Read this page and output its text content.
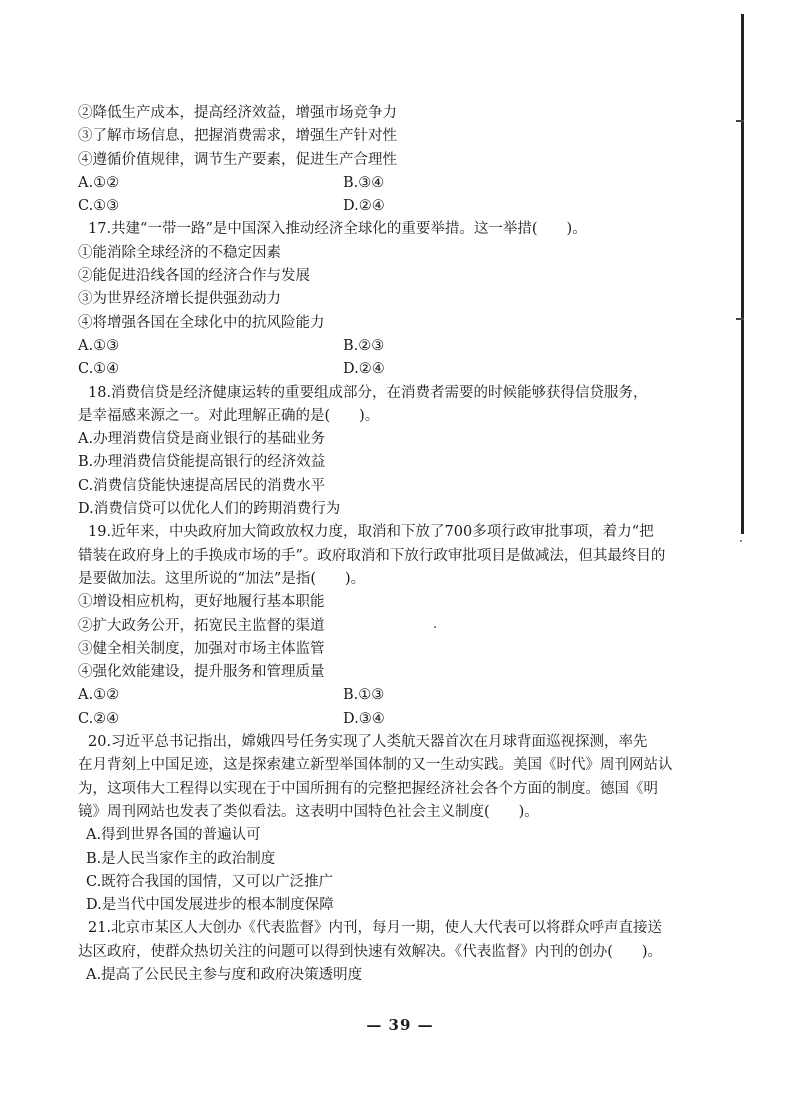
②降低生产成本，提高经济效益，增强市场竞争力
③了解市场信息，把握消费需求，增强生产针对性
④遵循价值规律，调节生产要素，促进生产合理性
A.①②	B.③④
C.①③	D.②④
17.共建“一带一路”是中国深入推动经济全球化的重要举措。这一举措(　　)。
①能消除全球经济的不稳定因素
②能促进沿线各国的经济合作与发展
③为世界经济增长提供强劲动力
④将增强各国在全球化中的抗风险能力
A.①③	B.②③
C.①④	D.②④
18.消费信贷是经济健康运转的重要组成部分，在消费者需要的时候能够获得信贷服务，
是幸福感来源之一。对此理解正确的是(　　)。
A.办理消费信贷是商业银行的基础业务
B.办理消费信贷能提高银行的经济效益
C.消费信贷能快速提高居民的消费水平
D.消费信贷可以优化人们的跨期消费行为
19.近年来，中央政府加大简政放权力度，取消和下放了700多项行政审批事项，着力“把
错装在政府身上的手换成市场的手”。政府取消和下放行政审批项目是做减法，但其最终目的
是要做加法。这里所说的“加法”是指(　　)。
①增设相应机构，更好地履行基本职能
②扩大政务公开，拓宽民主监督的渠道
③健全相关制度，加强对市场主体监管
④强化效能建设，提升服务和管理质量
A.①②	B.①③
C.②④	D.③④
20.习近平总书记指出，嫦娥四号任务实现了人类航天器首次在月球背面巡视探测，率先
在月背刻上中国足迹，这是探索建立新型举国体制的又一生动实践。美国《时代》周刊网站认
为，这项伟大工程得以实现在于中国所拥有的完整把握经济社会各个方面的制度。德国《明
镜》周刊网站也发表了类似看法。这表明中国特色社会主义制度(　　)。
A.得到世界各国的普遍认可
B.是人民当家作主的政治制度
C.既符合我国的国情，又可以广泛推广
D.是当代中国发展进步的根本制度保障
21.北京市某区人大创办《代表监督》内刊，每月一期，使人大代表可以将群众呼声直接送
达区政府，使群众热切关注的问题可以得到快速有效解决。《代表监督》内刊的创办(　　)。
A.提高了公民民主参与度和政府决策透明度
— 39 —
